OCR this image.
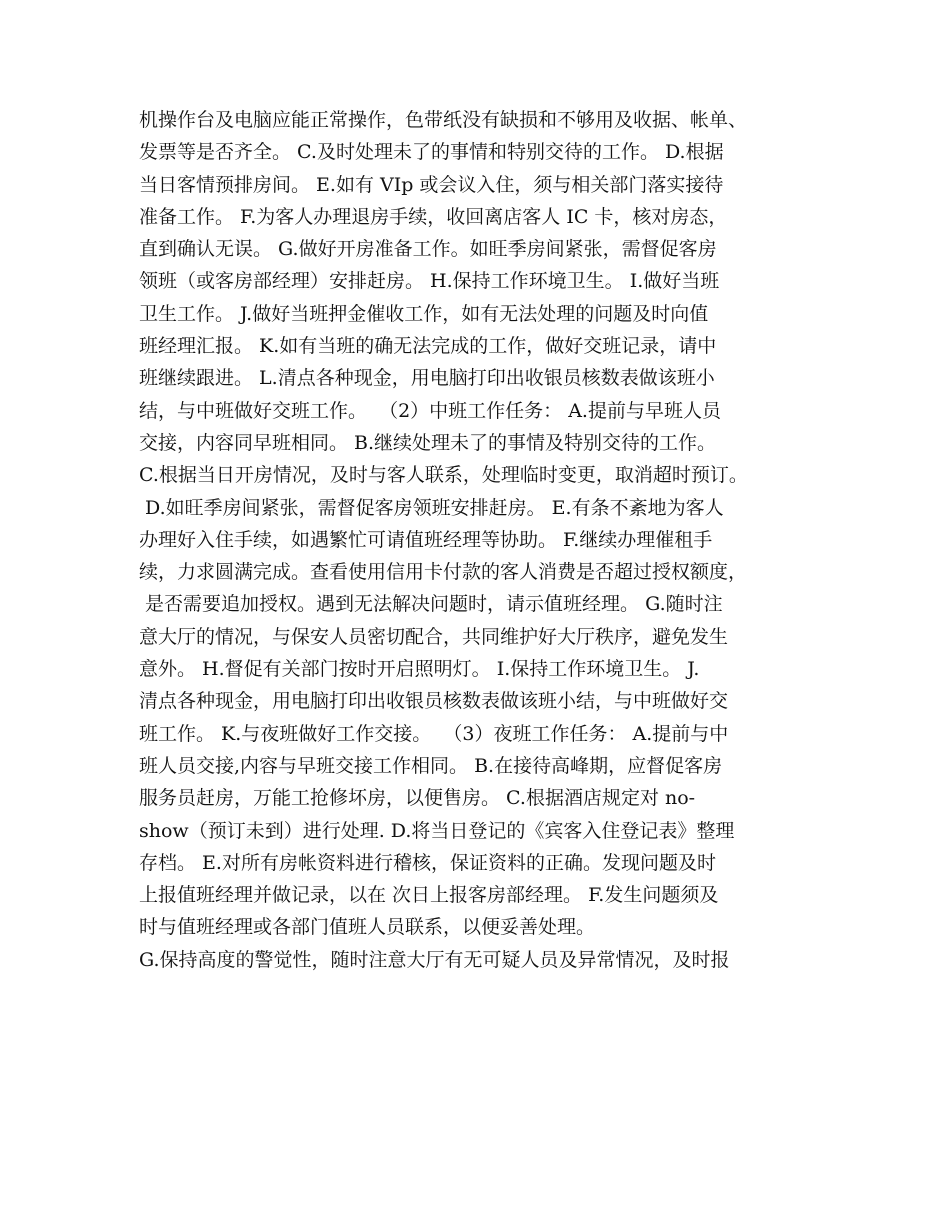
机操作台及电脑应能正常操作，色带纸没有缺损和不够用及收据、帐单、
发票等是否齐全。 C.及时处理未了的事情和特别交待的工作。 D.根据
当日客情预排房间。 E.如有 VIp 或会议入住，须与相关部门落实接待
准备工作。 F.为客人办理退房手续，收回离店客人 IC 卡，核对房态，
直到确认无误。 G.做好开房准备工作。如旺季房间紧张，需督促客房
领班（或客房部经理）安排赶房。 H.保持工作环境卫生。 I.做好当班
卫生工作。 J.做好当班押金催收工作，如有无法处理的问题及时向值
班经理汇报。 K.如有当班的确无法完成的工作，做好交班记录，请中
班继续跟进。 L.清点各种现金，用电脑打印出收银员核数表做该班小
结，与中班做好交班工作。  （2）中班工作任务： A.提前与早班人员
交接，内容同早班相同。 B.继续处理未了的事情及特别交待的工作。
C.根据当日开房情况，及时与客人联系，处理临时变更，取消超时预订。
D.如旺季房间紧张，需督促客房领班安排赶房。 E.有条不紊地为客人
办理好入住手续，如遇繁忙可请值班经理等协助。 F.继续办理催租手
续，力求圆满完成。查看使用信用卡付款的客人消费是否超过授权额度，
是否需要追加授权。遇到无法解决问题时，请示值班经理。 G.随时注
意大厅的情况，与保安人员密切配合，共同维护好大厅秩序，避免发生
意外。 H.督促有关部门按时开启照明灯。 I.保持工作环境卫生。 J.
清点各种现金，用电脑打印出收银员核数表做该班小结，与中班做好交
班工作。 K.与夜班做好工作交接。  （3）夜班工作任务： A.提前与中
班人员交接,内容与早班交接工作相同。 B.在接待高峰期，应督促客房
服务员赶房，万能工抢修坏房，以便售房。 C.根据酒店规定对 no-
show（预订未到）进行处理. D.将当日登记的《宾客入住登记表》整理
存档。 E.对所有房帐资料进行稽核，保证资料的正确。发现问题及时
上报值班经理并做记录，以在 次日上报客房部经理。 F.发生问题须及
时与值班经理或各部门值班人员联系，以便妥善处理。
G.保持高度的警觉性，随时注意大厅有无可疑人员及异常情况，及时报
